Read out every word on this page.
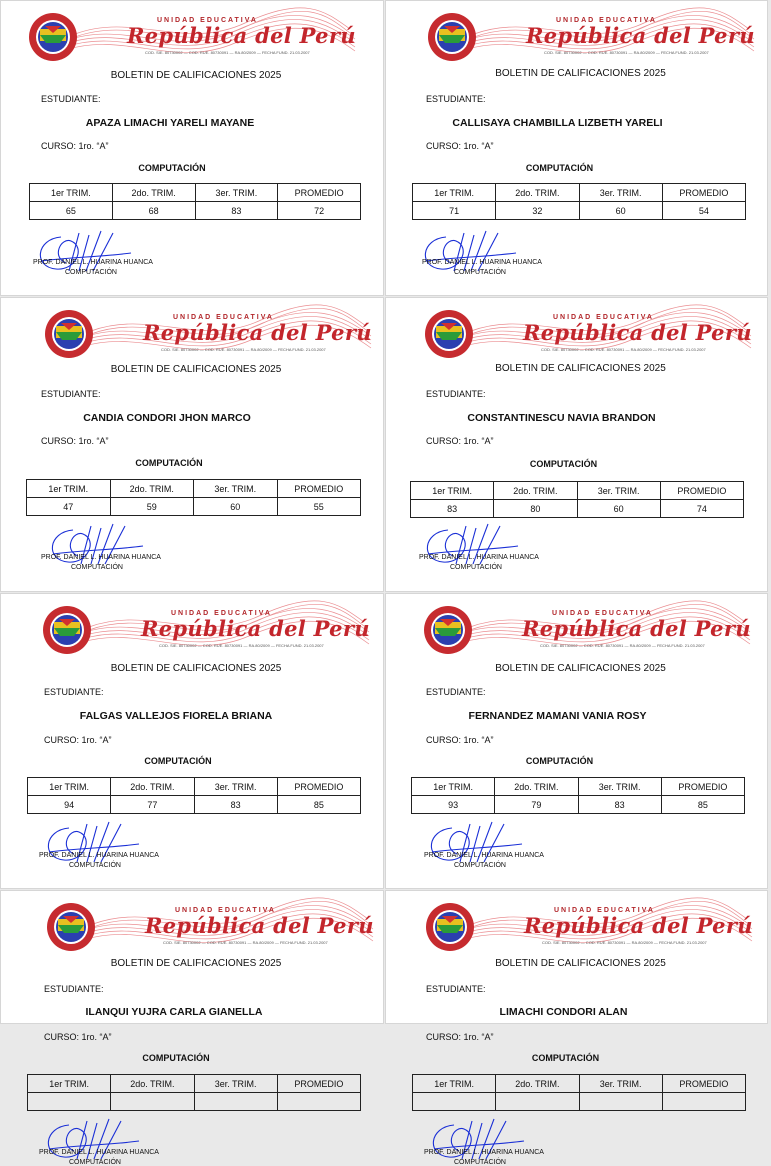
UNIDAD EDUCATIVA
República del Perú
COD. SIE. 80730002 — COD. RUE. 80730091 — RA.80/2009 — FECHA FUND. 21.03.2007
BOLETIN DE CALIFICACIONES 2025
ESTUDIANTE:
APAZA LIMACHI YARELI MAYANE
CURSO: 1ro. “A”
COMPUTACIÓN
1er TRIM.	2do. TRIM.	3er. TRIM.	PROMEDIO
65	68	83	72
PROF. DANIEL L. HUARINA HUANCA
COMPUTACIÓN
UNIDAD EDUCATIVA
República del Perú
COD. SIE. 80730002 — COD. RUE. 80730091 — RA.80/2009 — FECHA FUND. 21.03.2007
BOLETIN DE CALIFICACIONES 2025
ESTUDIANTE:
CALLISAYA CHAMBILLA LIZBETH YARELI
CURSO: 1ro. “A”
COMPUTACIÓN
1er TRIM.	2do. TRIM.	3er. TRIM.	PROMEDIO
71	32	60	54
PROF. DANIEL L. HUARINA HUANCA
COMPUTACIÓN
UNIDAD EDUCATIVA
República del Perú
COD. SIE. 80730002 — COD. RUE. 80730091 — RA.80/2009 — FECHA FUND. 21.03.2007
BOLETIN DE CALIFICACIONES 2025
ESTUDIANTE:
CANDIA CONDORI JHON MARCO
CURSO: 1ro. “A”
COMPUTACIÓN
1er TRIM.	2do. TRIM.	3er. TRIM.	PROMEDIO
47	59	60	55
PROF. DANIEL L. HUARINA HUANCA
COMPUTACIÓN
UNIDAD EDUCATIVA
República del Perú
COD. SIE. 80730002 — COD. RUE. 80730091 — RA.80/2009 — FECHA FUND. 21.03.2007
BOLETIN DE CALIFICACIONES 2025
ESTUDIANTE:
CONSTANTINESCU NAVIA BRANDON
CURSO: 1ro. “A”
COMPUTACIÓN
1er TRIM.	2do. TRIM.	3er. TRIM.	PROMEDIO
83	80	60	74
PROF. DANIEL L. HUARINA HUANCA
COMPUTACIÓN
UNIDAD EDUCATIVA
República del Perú
COD. SIE. 80730002 — COD. RUE. 80730091 — RA.80/2009 — FECHA FUND. 21.03.2007
BOLETIN DE CALIFICACIONES 2025
ESTUDIANTE:
FALGAS VALLEJOS FIORELA BRIANA
CURSO: 1ro. “A”
COMPUTACIÓN
1er TRIM.	2do. TRIM.	3er. TRIM.	PROMEDIO
94	77	83	85
PROF. DANIEL L. HUARINA HUANCA
COMPUTACIÓN
UNIDAD EDUCATIVA
República del Perú
COD. SIE. 80730002 — COD. RUE. 80730091 — RA.80/2009 — FECHA FUND. 21.03.2007
BOLETIN DE CALIFICACIONES 2025
ESTUDIANTE:
FERNANDEZ MAMANI VANIA ROSY
CURSO: 1ro. “A”
COMPUTACIÓN
1er TRIM.	2do. TRIM.	3er. TRIM.	PROMEDIO
93	79	83	85
PROF. DANIEL L. HUARINA HUANCA
COMPUTACIÓN
UNIDAD EDUCATIVA
República del Perú
COD. SIE. 80730002 — COD. RUE. 80730091 — RA.80/2009 — FECHA FUND. 21.03.2007
BOLETIN DE CALIFICACIONES 2025
ESTUDIANTE:
ILANQUI YUJRA CARLA GIANELLA
CURSO: 1ro. “A”
COMPUTACIÓN
1er TRIM.	2do. TRIM.	3er. TRIM.	PROMEDIO

PROF. DANIEL L. HUARINA HUANCA
COMPUTACIÓN
UNIDAD EDUCATIVA
República del Perú
COD. SIE. 80730002 — COD. RUE. 80730091 — RA.80/2009 — FECHA FUND. 21.03.2007
BOLETIN DE CALIFICACIONES 2025
ESTUDIANTE:
LIMACHI CONDORI ALAN
CURSO: 1ro. “A”
COMPUTACIÓN
1er TRIM.	2do. TRIM.	3er. TRIM.	PROMEDIO

PROF. DANIEL L. HUARINA HUANCA
COMPUTACIÓN
